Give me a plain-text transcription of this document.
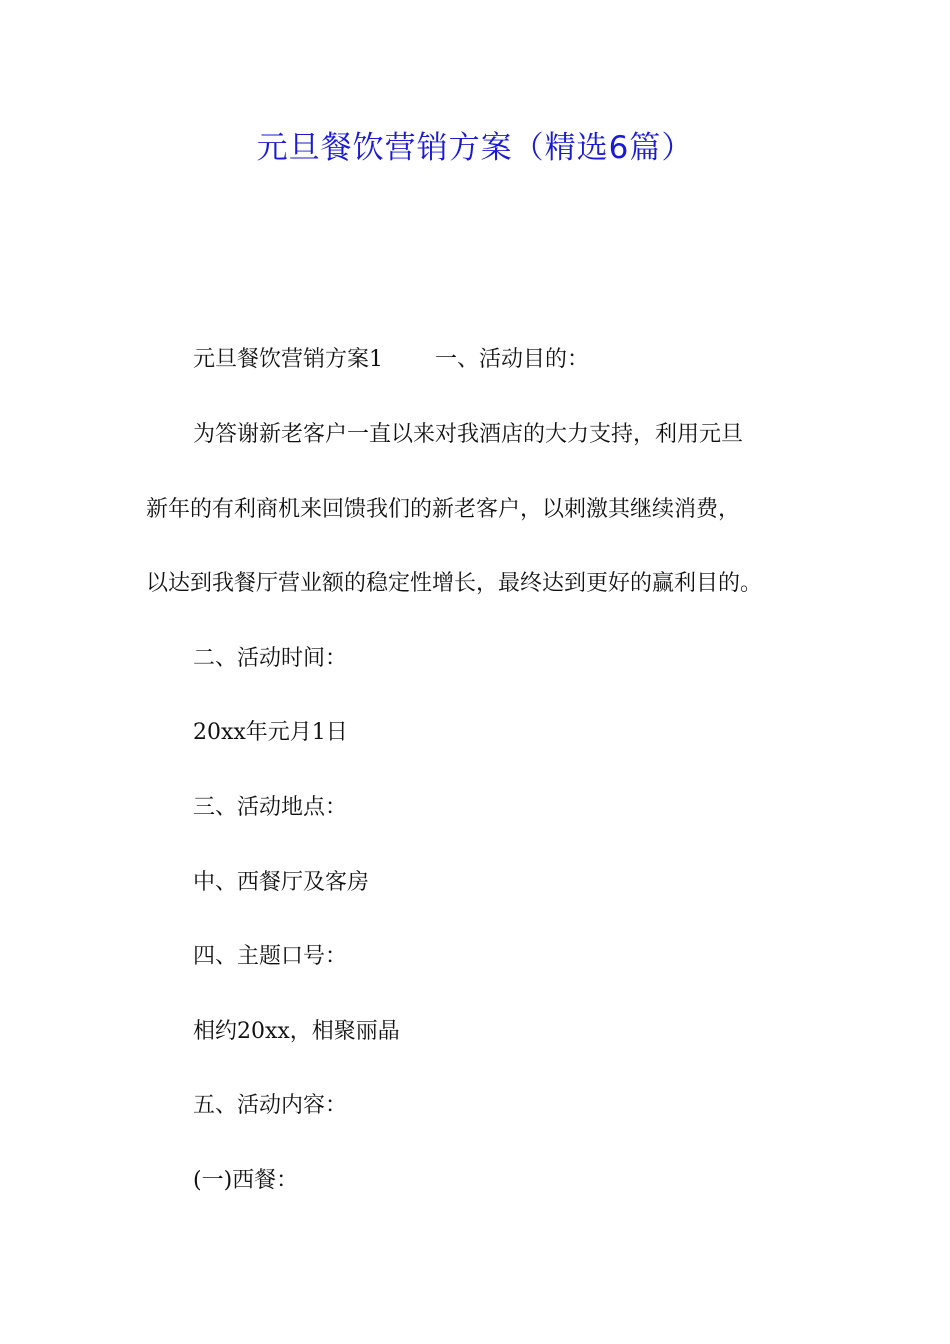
元旦餐饮营销方案（精选6篇）
元旦餐饮营销方案1 一、活动目的：
为答谢新老客户一直以来对我酒店的大力支持，利用元旦
新年的有利商机来回馈我们的新老客户，以刺激其继续消费，
以达到我餐厅营业额的稳定性增长，最终达到更好的赢利目的。
二、活动时间：
20xx年元月1日
三、活动地点：
中、西餐厅及客房
四、主题口号：
相约20xx，相聚丽晶
五、活动内容：
(一)西餐：
